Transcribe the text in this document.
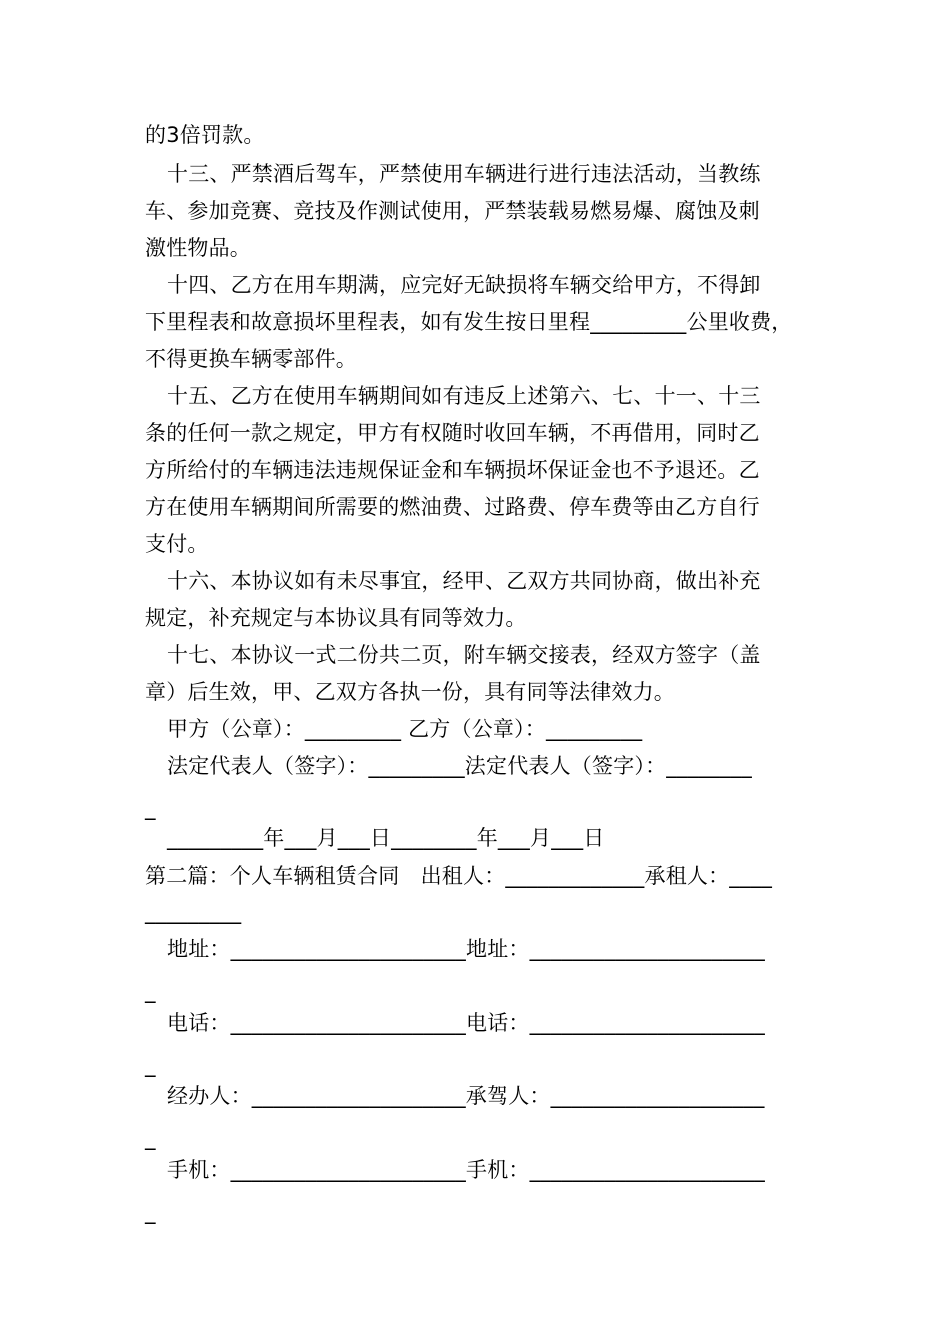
的3倍罚款。
十三、严禁酒后驾车，严禁使用车辆进行进行违法活动，当教练
车、参加竞赛、竞技及作测试使用，严禁装载易燃易爆、腐蚀及刺
激性物品。
十四、乙方在用车期满，应完好无缺损将车辆交给甲方，不得卸
下里程表和故意损坏里程表，如有发生按日里程_________公里收费，
不得更换车辆零部件。
十五、乙方在使用车辆期间如有违反上述第六、七、十一、十三
条的任何一款之规定，甲方有权随时收回车辆，不再借用，同时乙
方所给付的车辆违法违规保证金和车辆损坏保证金也不予退还。乙
方在使用车辆期间所需要的燃油费、过路费、停车费等由乙方自行
支付。
十六、本协议如有未尽事宜，经甲、乙双方共同协商，做出补充
规定，补充规定与本协议具有同等效力。
十七、本协议一式二份共二页，附车辆交接表，经双方签字（盖
章）后生效，甲、乙双方各执一份，具有同等法律效力。
甲方（公章）：_________ 乙方（公章）：_________
法定代表人（签字）：_________法定代表人（签字）：________
_
_________年___月___日________年___月___日
第二篇：个人车辆租赁合同　出租人：_____________承租人：____
_________
地址：______________________地址：______________________
_
电话：______________________电话：______________________
_
经办人：____________________承驾人：____________________
_
手机：______________________手机：______________________
_
